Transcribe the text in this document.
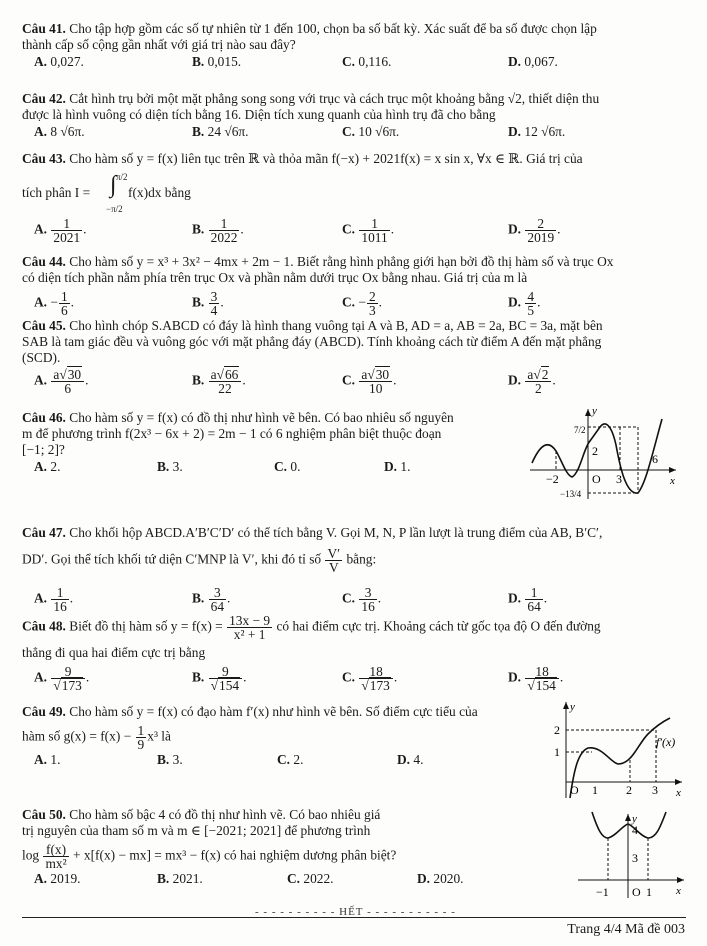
Câu 41. Cho tập hợp gồm các số tự nhiên từ 1 đến 100, chọn ba số bất kỳ. Xác suất để ba số được chọn lập
thành cấp số cộng gần nhất với giá trị nào sau đây?
A. 0,027.	B. 0,015.	C. 0,116.	D. 0,067.
Câu 42. Cắt hình trụ bởi một mặt phẳng song song với trục và cách trục một khoảng bằng √2, thiết diện thu
được là hình vuông có diện tích bằng 16. Diện tích xung quanh của hình trụ đã cho bằng
A. 8 √6π.	B. 24 √6π.	C. 10 √6π.	D. 12 √6π.
Câu 43. Cho hàm số y = f(x) liên tục trên ℝ và thỏa mãn f(−x) + 2021f(x) = x sin x, ∀x ∈ ℝ. Giá trị của
tích phân I = ∫ π/2
−π/2
f(x)dx bằng
A. $\frac{1}{2021}$ .	B. $\frac{1}{2022}$ .	C. $\frac{1}{1011}$ .	D. $\frac{2}{2019}$ .
Câu 44. Cho hàm số y = x³ + 3x² − 4mx + 2m − 1. Biết rằng hình phẳng giới hạn bởi đồ thị hàm số và trục Ox
có diện tích phần nằm phía trên trục Ox và phần nằm dưới trục Ox bằng nhau. Giá trị của m là
A. − $\frac{1}{6}$ .	B. $\frac{3}{4}$ .	C. − $\frac{2}{3}$ .	D. $\frac{4}{5}$ .
Câu 45. Cho hình chóp S.ABCD có đáy là hình thang vuông tại A và B, AD = a, AB = 2a, BC = 3a, mặt bên
SAB là tam giác đều và vuông góc với mặt phẳng đáy (ABCD). Tính khoảng cách từ điểm A đến mặt phẳng
(SCD).
A. $\frac{a√30}{6}$ .	B. $\frac{a√66}{22}$ .	C. $\frac{a√30}{10}$ .	D. $\frac{a√2}{2}$ .
Câu 46. Cho hàm số y = f(x) có đồ thị như hình vẽ bên. Có bao nhiêu số nguyên
m để phương trình f(2x³ − 6x + 2) = 2m − 1 có 6 nghiệm phân biệt thuộc đoạn
[−1; 2]?
A. 2.	B. 3.	C. 0.	D. 1.
y
x
7/2
2
6
−2	O 3
−13/4
Câu 47. Cho khối hộp ABCD.A′B′C′D′ có thể tích bằng V. Gọi M, N, P lần lượt là trung điểm của AB, B′C′,
DD′. Gọi thể tích khối tứ diện C′MNP là V′, khi đó tỉ số $\frac{V'}{V}$ bằng:
A. $\frac{1}{16}$ .	B. $\frac{3}{64}$ .	C. $\frac{3}{16}$ .	D. $\frac{1}{64}$ .
Câu 48. Biết đồ thị hàm số $y = f(x) = \frac{13x - 9}{\text{x² + 1}}$ có hai điểm cực trị. Khoảng cách từ gốc tọa độ O đến đường
thẳng đi qua hai điểm cực trị bằng
A. $\frac{9}{√173}$ .	B. $\frac{9}{√154}$ .	C. $\frac{18}{√173}$ .	D. $\frac{18}{√154}$ .
Câu 49. Cho hàm số y = f(x) có đạo hàm f′(x) như hình vẽ bên. Số điểm cực tiểu của
hàm số $g(x) = f(x) - \frac{1}{9} x^3$ là
A. 1.	B. 3.	C. 2.	D. 4.
y
x
f′(x)
2
1
O 1 2 3
Câu 50. Cho hàm số bậc 4 có đồ thị như hình vẽ. Có bao nhiêu giá
trị nguyên của tham số m và m ∈ [−2021; 2021] để phương trình
$\log \frac{f(x)}{\text{mx²}} + x[f(x) - mx] = mx^3 - f(x)$ có hai nghiệm dương phân biệt?
A. 2019.	B. 2021.	C. 2022.	D. 2020.
y
x
4
3
−1 O 1
- - - - - - - - - - HẾT - - - - - - - - - - -
Trang 4/4 Mã đề 003
